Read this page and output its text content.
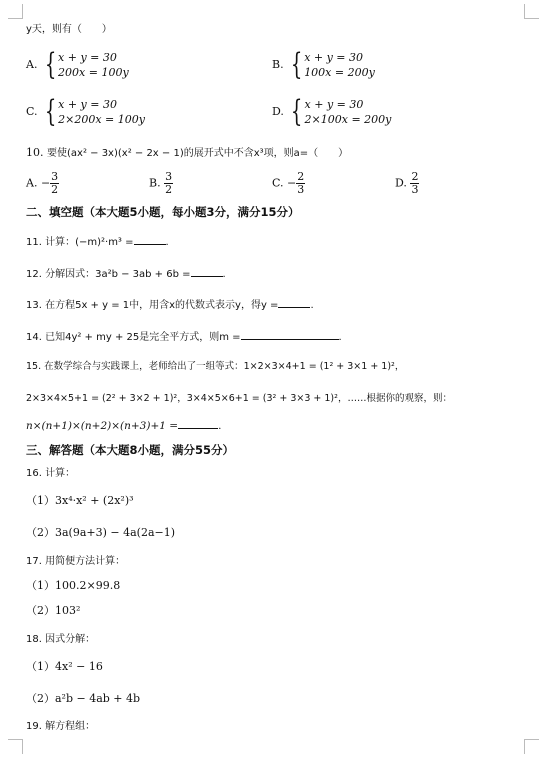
y天，则有（　　）
A. { x + y = 30
200x = 100y
B. { x + y = 30
100x = 200y
C. { x + y = 30
2×200x = 100y
D. { x + y = 30
2×100x = 200y
10. 要使(ax² − 3x)(x² − 2x − 1)的展开式中不含x³项，则a=（　　）
A. − $\frac{3}{2}$	B. $\frac{3}{2}$	C. − $\frac{2}{3}$	D. $\frac{2}{3}$
二、填空题（本大题5小题，每小题3分，满分15分）
11. 计算：(−m)²·m³ =	.
12. 分解因式：3a²b − 3ab + 6b =	.
13. 在方程5x + y = 1中，用含x的代数式表示y，得y =	.
14. 已知4y² + my + 25是完全平方式，则m =	.
15. 在数学综合与实践课上，老师给出了一组等式：1×2×3×4+1 = (1² + 3×1 + 1)²，
2×3×4×5+1 = (2² + 3×2 + 1)²，3×4×5×6+1 = (3² + 3×3 + 1)²，……根据你的观察，则：
n×(n+1)×(n+2)×(n+3)+1 =	.
三、解答题（本大题8小题，满分55分）
16. 计算：
（1）3x⁴·x² + (2x²)³
（2）3a(9a+3) − 4a(2a−1)
17. 用简便方法计算：
（1）100.2×99.8
（2）103²
18. 因式分解：
（1）4x² − 16
（2）a²b − 4ab + 4b
19. 解方程组：
